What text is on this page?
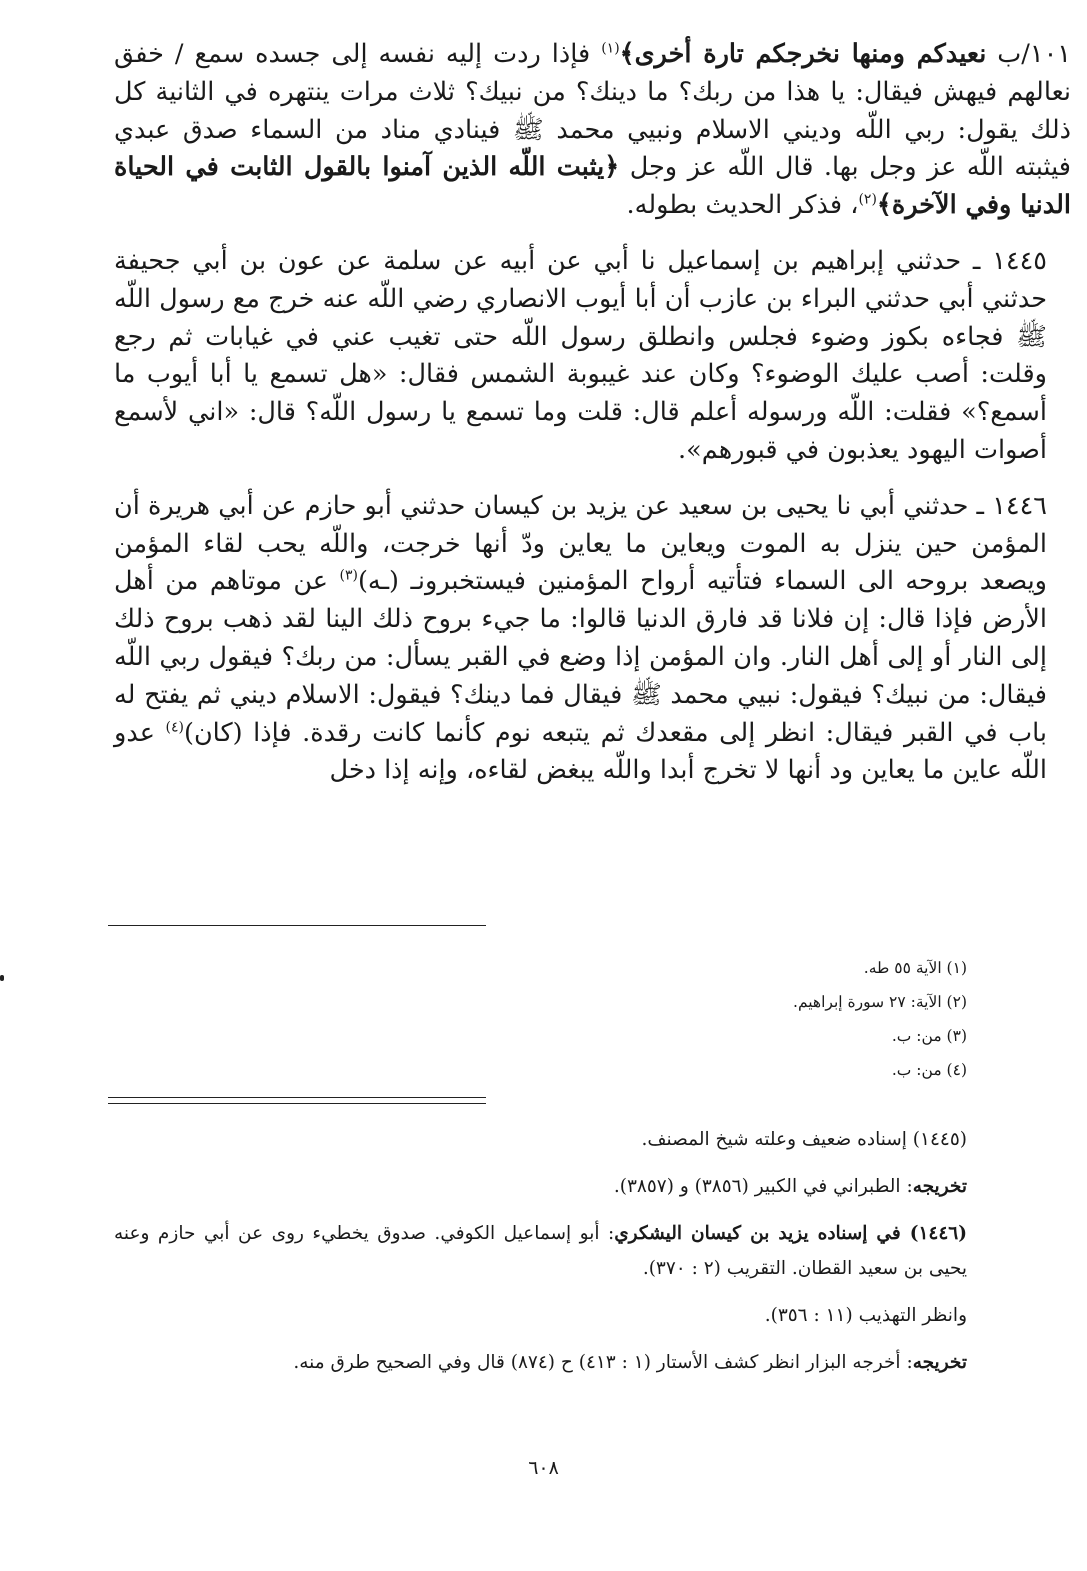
١٠١/ب نعيدكم ومنها نخرجكم تارة أخرى﴾$^{(١)}$ فإذا ردت إليه نفسه إلى جسده سمع / خفق نعالهم فيهش فيقال: يا هذا من ربك؟ ما دينك؟ من نبيك؟ ثلاث مرات ينتهره في الثانية كل ذلك يقول: ربي اللّه وديني الاسلام ونبيي محمد ﷺ فينادي مناد من السماء صدق عبدي فيثبته اللّه عز وجل بها. قال اللّه عز وجل ﴿يثبت اللّه الذين آمنوا بالقول الثابت في الحياة الدنيا وفي الآخرة﴾$^{(٢)}$، فذكر الحديث بطوله.

١٤٤٥ ـ حدثني إبراهيم بن إسماعيل نا أبي عن أبيه عن سلمة عن عون بن أبي جحيفة حدثني أبي حدثني البراء بن عازب أن أبا أيوب الانصاري رضي اللّه عنه خرج مع رسول اللّه ﷺ فجاءه بكوز وضوء فجلس وانطلق رسول اللّه حتى تغيب عني في غيابات ثم رجع وقلت: أصب عليك الوضوء؟ وكان عند غيبوبة الشمس فقال: «هل تسمع يا أبا أيوب ما أسمع؟» فقلت: اللّه ورسوله أعلم قال: قلت وما تسمع يا رسول اللّه؟ قال: «اني لأسمع أصوات اليهود يعذبون في قبورهم».

١٤٤٦ ـ حدثني أبي نا يحيى بن سعيد عن يزيد بن كيسان حدثني أبو حازم عن أبي هريرة أن المؤمن حين ينزل به الموت ويعاين ما يعاين ودّ أنها خرجت، واللّه يحب لقاء المؤمن ويصعد بروحه الى السماء فتأتيه أرواح المؤمنين فيستخبرونـ (ـه)$^{(٣)}$ عن موتاهم من أهل الأرض فإذا قال: إن فلانا قد فارق الدنيا قالوا: ما جيء بروح ذلك الينا لقد ذهب بروح ذلك إلى النار أو إلى أهل النار. وان المؤمن إذا وضع في القبر يسأل: من ربك؟ فيقول ربي اللّه فيقال: من نبيك؟ فيقول: نبيي محمد ﷺ فيقال فما دينك؟ فيقول: الاسلام ديني ثم يفتح له باب في القبر فيقال: انظر إلى مقعدك ثم يتبعه نوم كأنما كانت رقدة. فإذا (كان)$^{(٤)}$ عدو اللّه عاين ما يعاين ود أنها لا تخرج أبدا واللّه يبغض لقاءه، وإنه إذا دخل

(١) الآية ٥٥ طه.
(٢) الآية: ٢٧ سورة إبراهيم.
(٣) من: ب.
(٤) من: ب.

(١٤٤٥) إسناده ضعيف وعلته شيخ المصنف.

تخريجه: الطبراني في الكبير (٣٨٥٦) و (٣٨٥٧).

(١٤٤٦) في إسناده يزيد بن كيسان اليشكري: أبو إسماعيل الكوفي. صدوق يخطيء روى عن أبي حازم وعنه يحيى بن سعيد القطان. التقريب (٢ : ٣٧٠).

وانظر التهذيب (١١ : ٣٥٦).

تخريجه: أخرجه البزار انظر كشف الأستار (١ : ٤١٣) ح (٨٧٤) قال وفي الصحيح طرق منه.

٦٠٨
